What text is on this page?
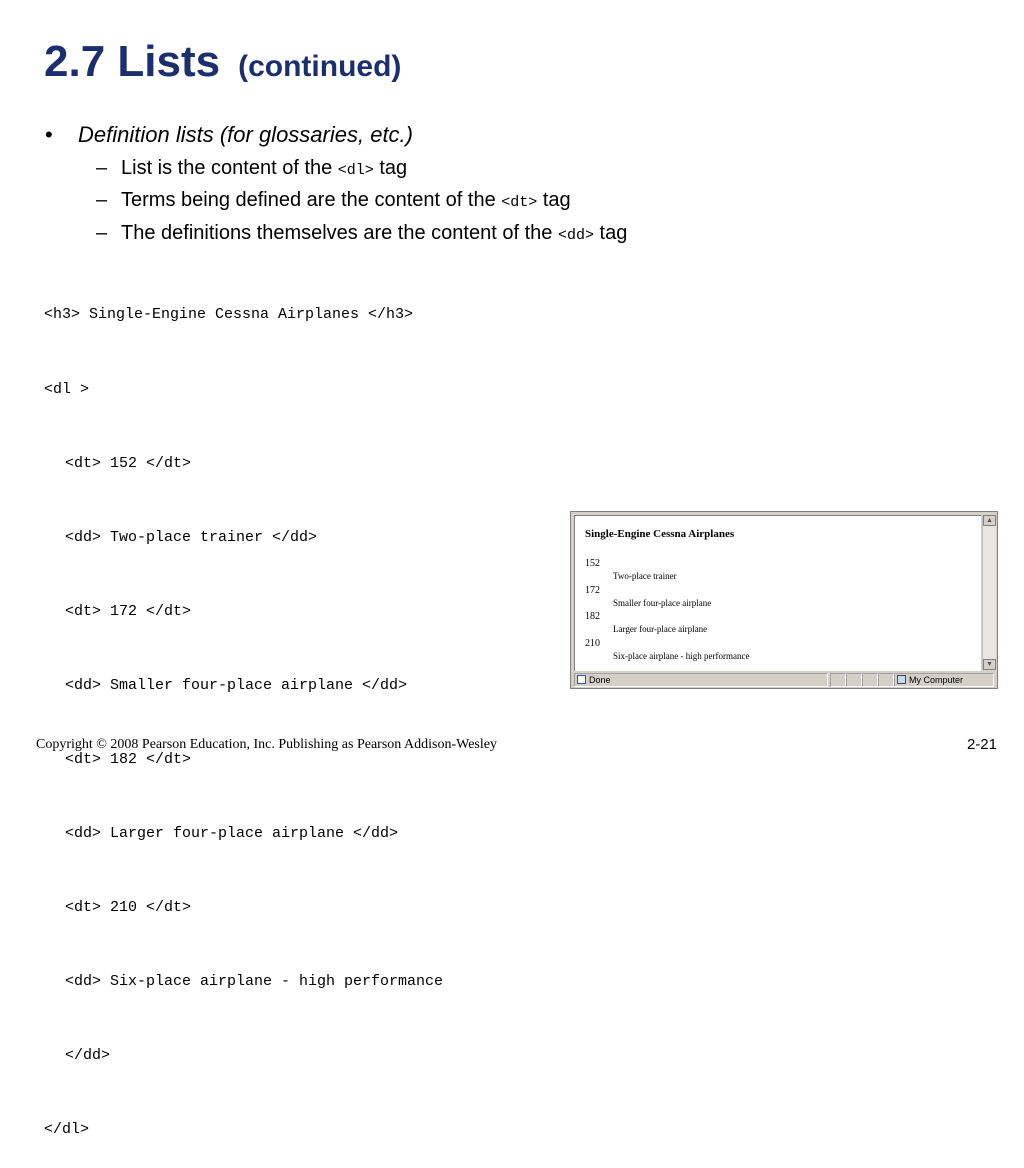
2.7 Lists (continued)
• Definition lists (for glossaries, etc.)
– List is the content of the <dl> tag
– Terms being defined are the content of the <dt> tag
– The definitions themselves are the content of the <dd> tag

<h3> Single-Engine Cessna Airplanes </h3>

<dl >

<dt> 152 </dt>

<dd> Two-place trainer </dd>

<dt> 172 </dt>

<dd> Smaller four-place airplane </dd>

<dt> 182 </dt>

<dd> Larger four-place airplane </dd>

<dt> 210 </dt>

<dd> Six-place airplane - high performance

</dd>

</dl>

Single-Engine Cessna Airplanes
152
Two-place trainer
172
Smaller four-place airplane
182
Larger four-place airplane
210
Six-place airplane - high performance
▲
▼
Done	My Computer
Copyright © 2008 Pearson Education, Inc. Publishing as Pearson Addison-Wesley	2-21
